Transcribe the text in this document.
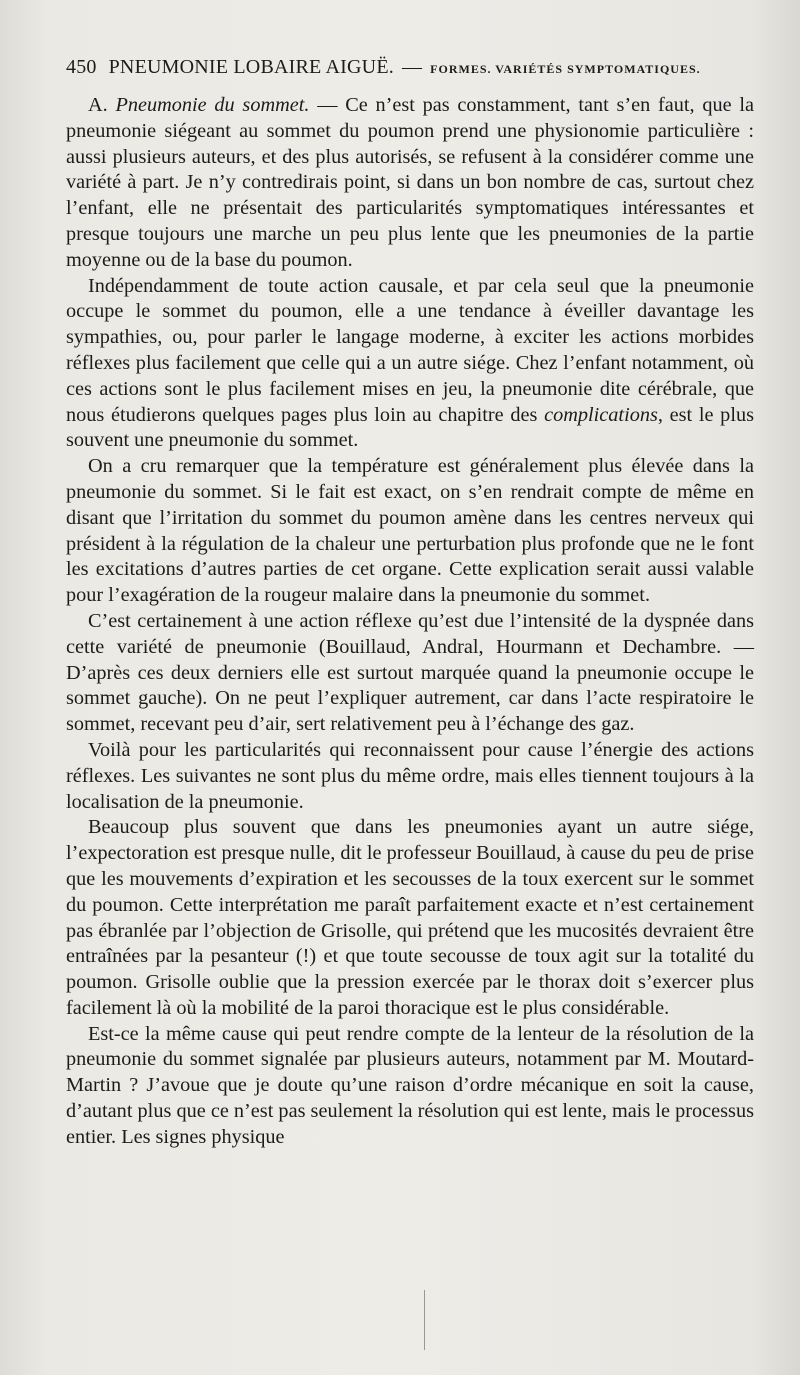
450 PNEUMONIE LOBAIRE AIGUË. — FORMES. VARIÉTÉS SYMPTOMATIQUES.

A. Pneumonie du sommet. — Ce n’est pas constamment, tant s’en faut, que la pneumonie siégeant au sommet du poumon prend une physionomie particulière : aussi plusieurs auteurs, et des plus autorisés, se refusent à la considérer comme une variété à part. Je n’y contredirais point, si dans un bon nombre de cas, surtout chez l’enfant, elle ne présentait des particularités symptomatiques intéressantes et presque toujours une marche un peu plus lente que les pneumonies de la partie moyenne ou de la base du poumon.

Indépendamment de toute action causale, et par cela seul que la pneumonie occupe le sommet du poumon, elle a une tendance à éveiller davantage les sympathies, ou, pour parler le langage moderne, à exciter les actions morbides réflexes plus facilement que celle qui a un autre siége. Chez l’enfant notamment, où ces actions sont le plus facilement mises en jeu, la pneumonie dite cérébrale, que nous étudierons quelques pages plus loin au chapitre des complications, est le plus souvent une pneumonie du sommet.

On a cru remarquer que la température est généralement plus élevée dans la pneumonie du sommet. Si le fait est exact, on s’en rendrait compte de même en disant que l’irritation du sommet du poumon amène dans les centres nerveux qui président à la régulation de la chaleur une perturbation plus profonde que ne le font les excitations d’autres parties de cet organe. Cette explication serait aussi valable pour l’exagération de la rougeur malaire dans la pneumonie du sommet.

C’est certainement à une action réflexe qu’est due l’intensité de la dyspnée dans cette variété de pneumonie (Bouillaud, Andral, Hourmann et Dechambre. — D’après ces deux derniers elle est surtout marquée quand la pneumonie occupe le sommet gauche). On ne peut l’expliquer autrement, car dans l’acte respiratoire le sommet, recevant peu d’air, sert relativement peu à l’échange des gaz.

Voilà pour les particularités qui reconnaissent pour cause l’énergie des actions réflexes. Les suivantes ne sont plus du même ordre, mais elles tiennent toujours à la localisation de la pneumonie.

Beaucoup plus souvent que dans les pneumonies ayant un autre siége, l’expectoration est presque nulle, dit le professeur Bouillaud, à cause du peu de prise que les mouvements d’expiration et les secousses de la toux exercent sur le sommet du poumon. Cette interprétation me paraît parfaitement exacte et n’est certainement pas ébranlée par l’objection de Grisolle, qui prétend que les mucosités devraient être entraînées par la pesanteur (!) et que toute secousse de toux agit sur la totalité du poumon. Grisolle oublie que la pression exercée par le thorax doit s’exercer plus facilement là où la mobilité de la paroi thoracique est le plus considérable.

Est-ce la même cause qui peut rendre compte de la lenteur de la résolution de la pneumonie du sommet signalée par plusieurs auteurs, notamment par M. Moutard-Martin ? J’avoue que je doute qu’une raison d’ordre mécanique en soit la cause, d’autant plus que ce n’est pas seulement la résolution qui est lente, mais le processus entier. Les signes physique
